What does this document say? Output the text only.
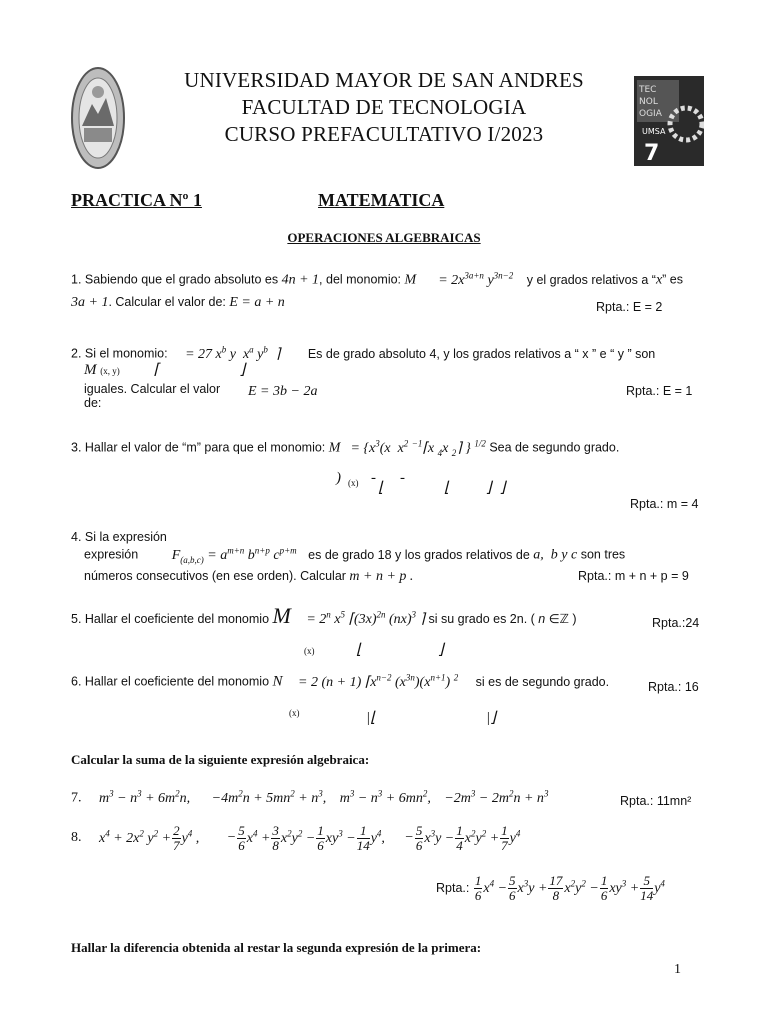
UNIVERSIDAD MAYOR DE SAN ANDRES
FACULTAD DE TECNOLOGIA
CURSO PREFACULTATIVO I/2023
TEC
NOL
OGIA
UMSA
7
PRACTICA Nº 1	MATEMATICA
OPERACIONES ALGEBRAICAS
1. Sabiendo que el grado absoluto es 4n + 1, del monomio: $M = 2x^{3a+n}$ $y^{3n-2}$ y el grados relativos a “x” es
3a + 1. Calcular el valor de: E = a + n	Rpta.: E = 2
2. Si el monomio: = 27 $x^b$ y  $x^a$ $y^b$  ⌉ Es de grado absoluto 4, y los grados relativos a “ x ” e “ y ” son
M (x, y) ⌈	⌋
iguales. Calcular el valor de:
E = 3b − 2a	Rpta.: E = 1
3. Hallar el valor de “m” para que el monomio: $M = \{x^3(x$  $x^2$ $^{-1}$⌈x $_4$x $_2$⌉ } $^{1/2}$ Sea de segundo grado.
) - -
(x) ⌊	⌊ ⌋ ⌋
Rpta.: m = 4
4. Si la expresión
expresión $F_{(a,b,c)} = a^{m+n}$ $b^{n+p}$ $c^{p+m}$ es de grado 18 y los grados relativos de a,  b y c son tres
números consecutivos (en ese orden). Calcular m + n + p .	Rpta.: m + n + p = 9
5. Hallar el coeficiente del monomio $M = 2^n$ $x^5$ $⌈(3x)^{2n}$ (nx)$^3$ ⌉ si su grado es 2n. ( n ∈ℤ )
(x)	⌊	⌋
Rpta.:24
6. Hallar el coeficiente del monomio N = 2 (n + 1) $⌈x^{n-2}$ $(x^{3n})(x^{n+1})$ $^2$ si es de segundo grado.
(x)	|⌊	|⌋
Rpta.: 16
Calcular la suma de la siguiente expresión algebraica:
7. $m^3 - n^3 + 6m^2n$, $-4m^2n + 5mn^2 + n^3$, $m^3 - n^3 + 6mn^2$, $-2m^3 - 2m^2n + n^3$
Rpta.: 11mn²
8. $x^4 + 2x^2$ $y^2 + \frac{2}{7} y^4$ , − $\frac{5}{6} x^4 + \frac{3}{8} x^2y^2 - \frac{1}{6} xy^3 - \frac{1}{14} y^4$, − $\frac{5}{6} x^3y - \frac{1}{4} x^2y^2 + \frac{1}{7} y^4$
Rpta.: $\frac{1}{6} x^4 - \frac{5}{6} x^3y + \frac{17}{8} x^2y^2 - \frac{1}{6} xy^3 + \frac{5}{14} y^4$
Hallar la diferencia obtenida al restar la segunda expresión de la primera:
1
